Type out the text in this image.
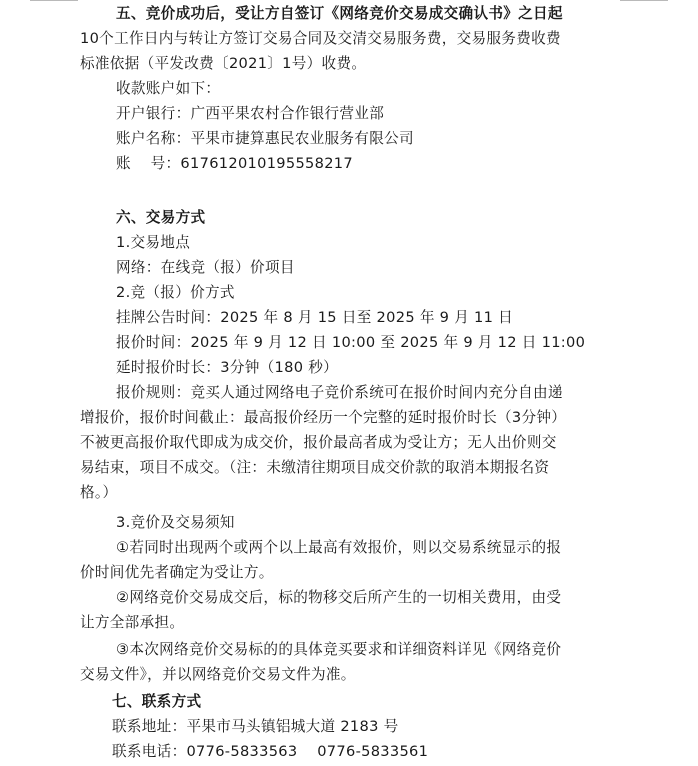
五、竞价成功后，受让方自签订《网络竞价交易成交确认书》之日起
10个工作日内与转让方签订交易合同及交清交易服务费，交易服务费收费
标准依据（平发改费〔2021〕1号）收费。
收款账户如下：
开户银行：广西平果农村合作银行营业部
账户名称：平果市捷算惠民农业服务有限公司
账    号：617612010195558217
六、交易方式
1.交易地点
网络：在线竞（报）价项目
2.竞（报）价方式
挂牌公告时间：2025 年 8 月 15 日至 2025 年 9 月 11 日
报价时间：2025 年 9 月 12 日 10:00 至 2025 年 9 月 12 日 11:00
延时报价时长：3分钟（180 秒）
报价规则：竞买人通过网络电子竞价系统可在报价时间内充分自由递
增报价，报价时间截止：最高报价经历一个完整的延时报价时长（3分钟）
不被更高报价取代即成为成交价，报价最高者成为受让方；无人出价则交
易结束，项目不成交。（注：未缴清往期项目成交价款的取消本期报名资
格。）
3.竞价及交易须知
①若同时出现两个或两个以上最高有效报价，则以交易系统显示的报
价时间优先者确定为受让方。
②网络竞价交易成交后，标的物移交后所产生的一切相关费用，由受
让方全部承担。
③本次网络竞价交易标的的具体竞买要求和详细资料详见《网络竞价
交易文件》，并以网络竞价交易文件为准。
七、联系方式
联系地址：平果市马头镇铝城大道 2183 号
联系电话：0776-5833563    0776-5833561
